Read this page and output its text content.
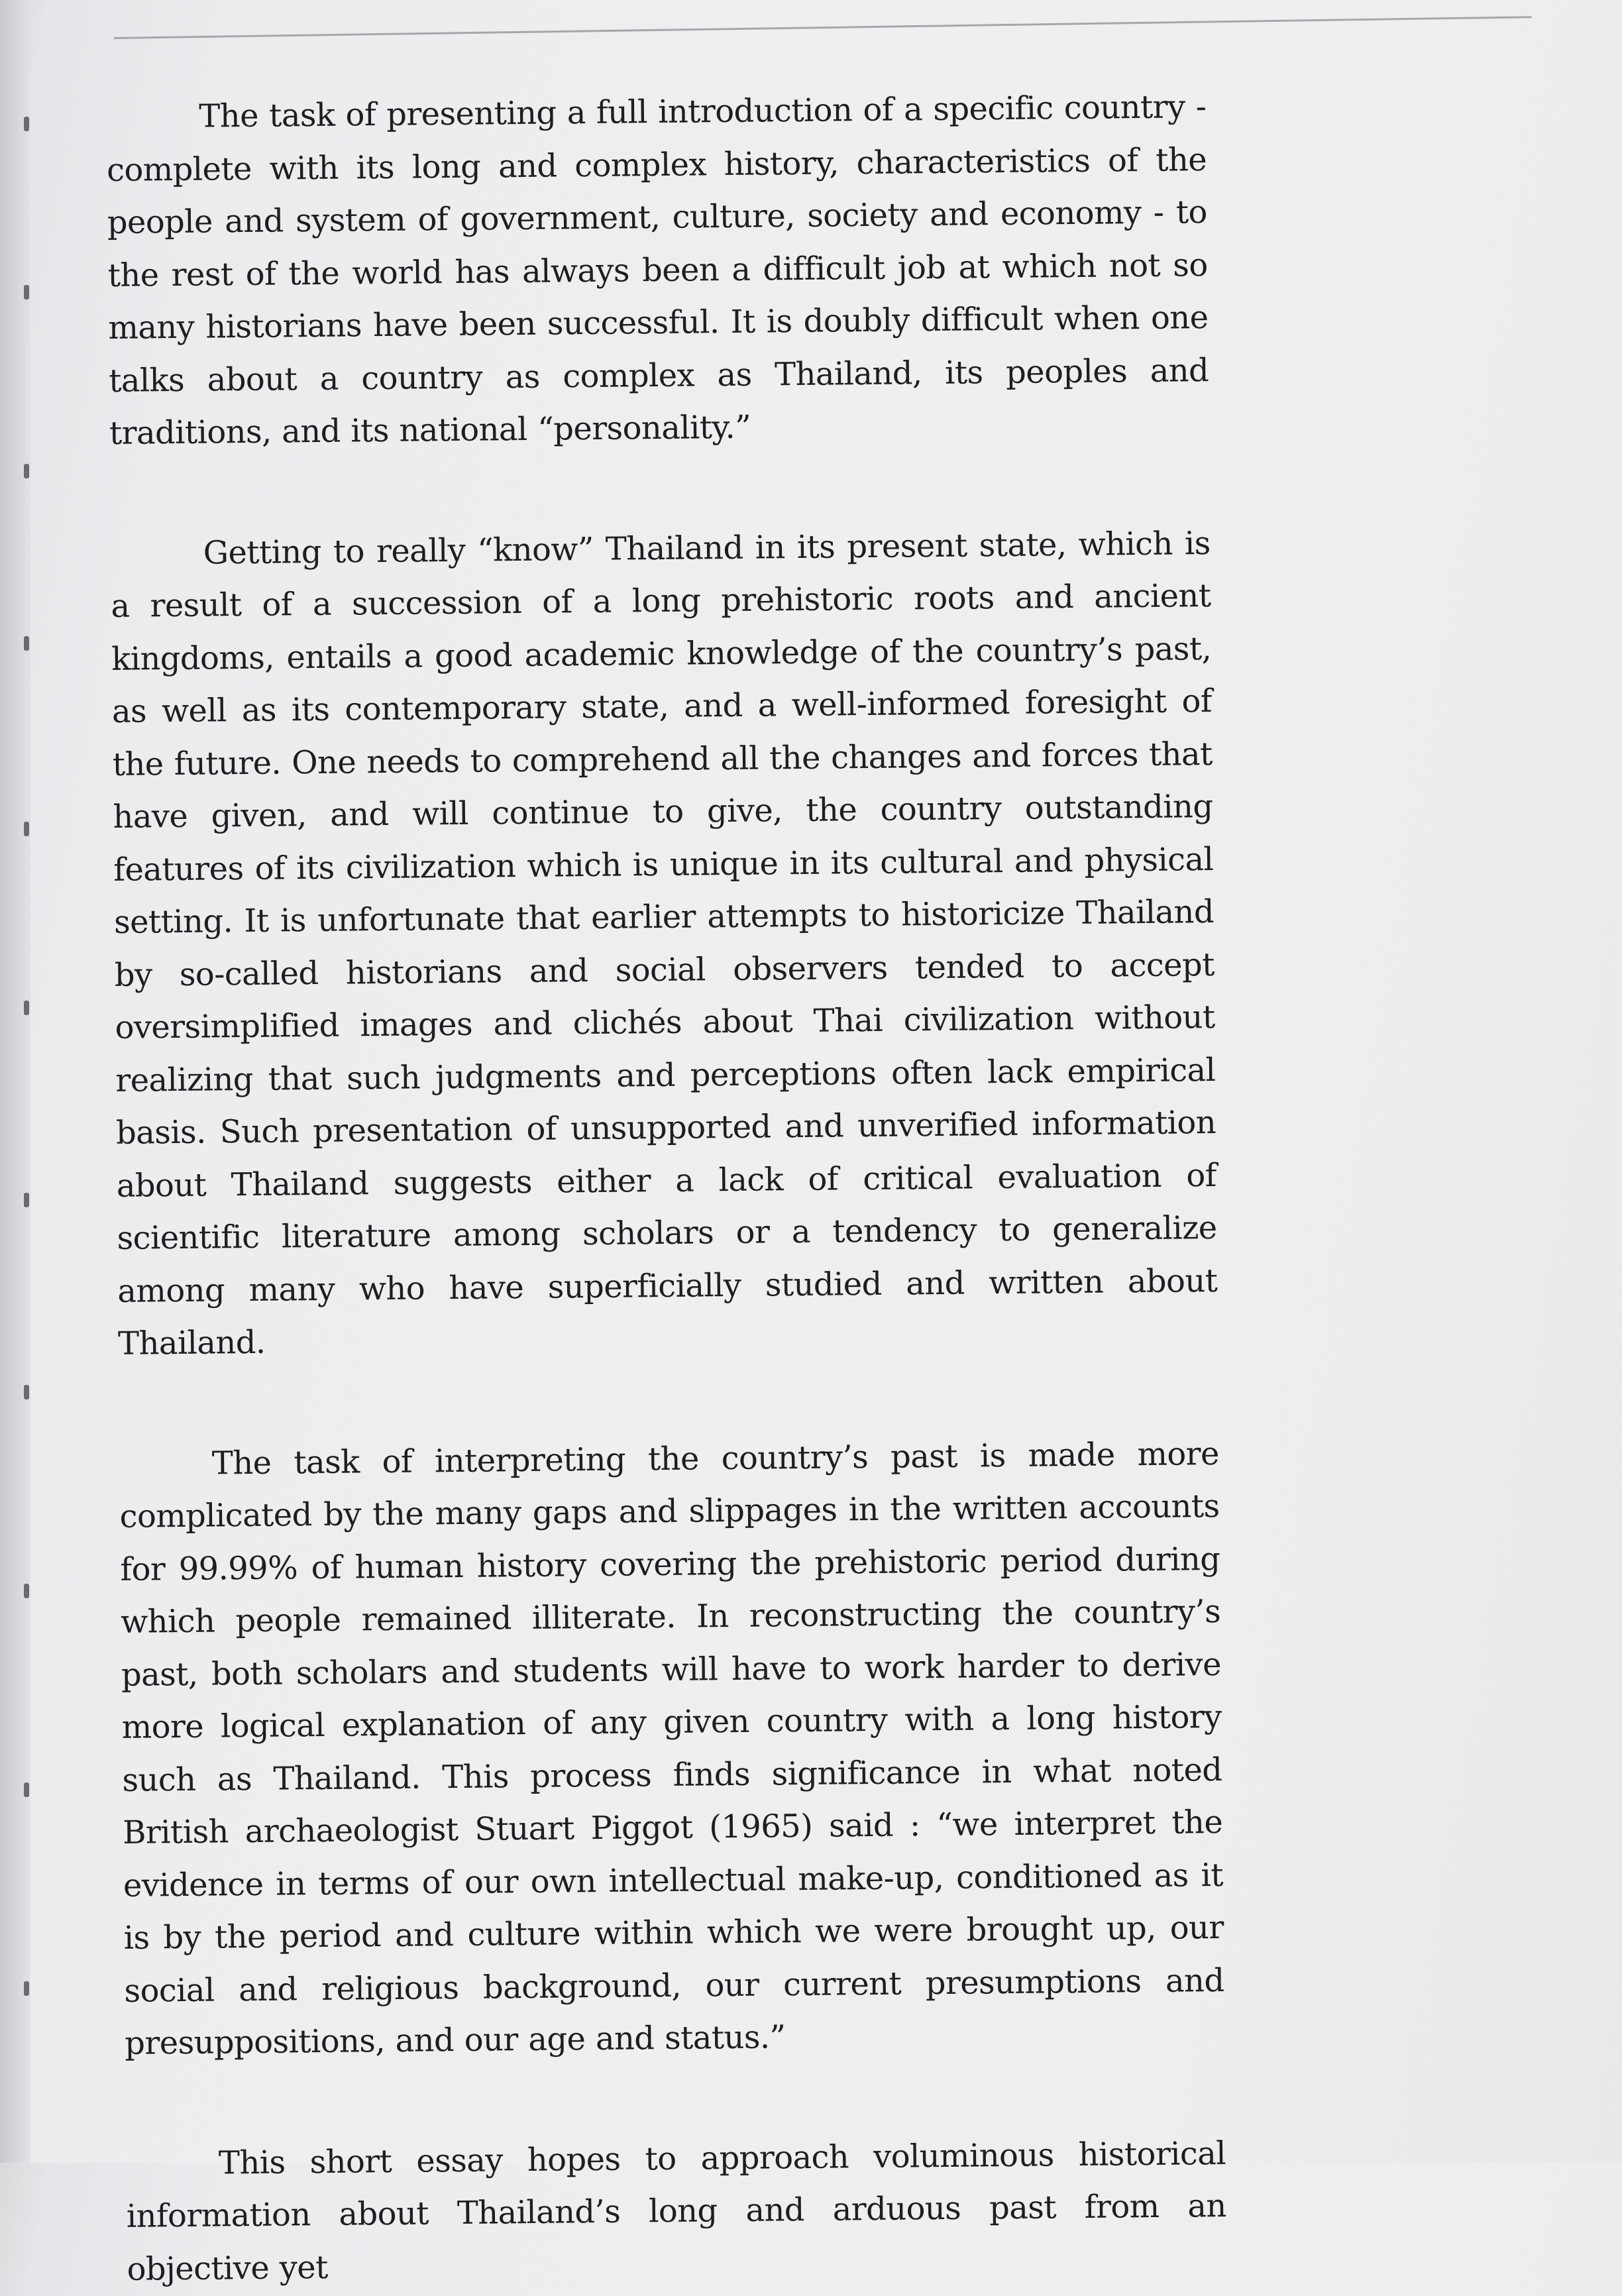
The task of presenting a full introduction of a specific country - complete with its long and complex history, characteristics of the people and system of government, culture, society and economy - to the rest of the world has always been a difficult job at which not so many historians have been successful. It is doubly difficult when one talks about a country as complex as Thailand, its peoples and traditions, and its national “personality.”

Getting to really “know” Thailand in its present state, which is a result of a succession of a long prehistoric roots and ancient kingdoms, entails a good academic knowledge of the country’s past, as well as its contemporary state, and a well-informed foresight of the future. One needs to comprehend all the changes and forces that have given, and will continue to give, the country outstanding features of its civilization which is unique in its cultural and physical setting. It is unfortunate that earlier attempts to historicize Thailand by so-called historians and social observers tended to accept oversimplified images and clichés about Thai civilization without realizing that such judgments and perceptions often lack empirical basis. Such presentation of unsupported and unverified information about Thailand suggests either a lack of critical evaluation of scientific literature among scholars or a tendency to generalize among many who have superficially studied and written about Thailand.

The task of interpreting the country’s past is made more complicated by the many gaps and slippages in the written accounts for 99.99% of human history covering the prehistoric period during which people remained illiterate. In reconstructing the country’s past, both scholars and students will have to work harder to derive more logical explanation of any given country with a long history such as Thailand. This process finds significance in what noted British archaeologist Stuart Piggot (1965) said : “we interpret the evidence in terms of our own intellectual make-up, conditioned as it is by the period and culture within which we were brought up, our social and religious background, our current presumptions and presuppositions, and our age and status.”

This short essay hopes to approach voluminous historical information about Thailand’s long and arduous past from an objective yet
